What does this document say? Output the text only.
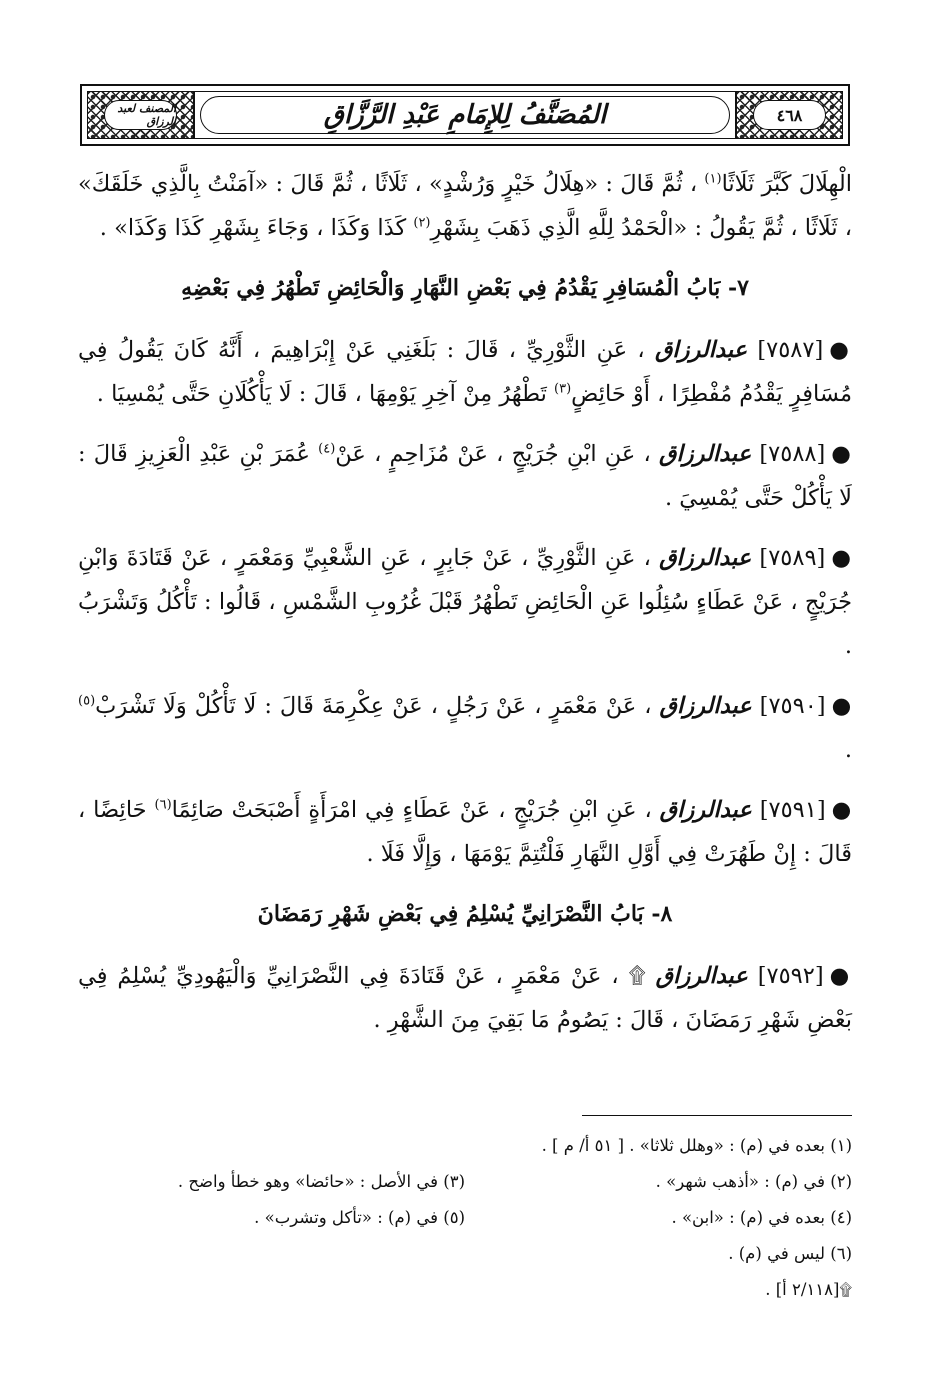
٤٦٨
المُصَنَّفُ لِلإِمَامِ عَبْدِ الرَّزَّاقِ
المصنف لعبد الرزاق

الْهِلَالَ كَبَّرَ ثَلَاثًا$^{(١)}$ ، ثُمَّ قَالَ : «هِلَالُ خَيْرٍ وَرُشْدٍ» ، ثَلَاثًا ، ثُمَّ قَالَ : «آمَنْتُ بِالَّذِي خَلَقَكَ» ، ثَلَاثًا ، ثُمَّ يَقُولُ : «الْحَمْدُ لِلَّهِ الَّذِي ذَهَبَ بِشَهْرِ$^{(٢)}$ كَذَا وَكَذَا ، وَجَاءَ بِشَهْرِ كَذَا وَكَذَا» .

٧- بَابُ الْمُسَافِرِ يَقْدُمُ فِي بَعْضِ النَّهَارِ وَالْحَائِضِ تَطْهُرُ فِي بَعْضِهِ

●[٧٥٨٧] عبدالرزاق ، عَنِ الثَّوْرِيِّ ، قَالَ : بَلَغَنِي عَنْ إِبْرَاهِيمَ ، أَنَّهُ كَانَ يَقُولُ فِي مُسَافِرٍ يَقْدُمُ مُفْطِرًا ، أَوْ حَائِضٍ$^{(٣)}$ تَطْهُرُ مِنْ آخِرِ يَوْمِهَا ، قَالَ : لَا يَأْكُلَانِ حَتَّى يُمْسِيَا .

●[٧٥٨٨] عبدالرزاق ، عَنِ ابْنِ جُرَيْجٍ ، عَنْ مُزَاحِمٍ ، عَنْ$^{(٤)}$ عُمَرَ بْنِ عَبْدِ الْعَزِيزِ قَالَ : لَا يَأْكُلْ حَتَّى يُمْسِيَ .

●[٧٥٨٩] عبدالرزاق ، عَنِ الثَّوْرِيِّ ، عَنْ جَابِرٍ ، عَنِ الشَّعْبِيِّ وَمَعْمَرٍ ، عَنْ قَتَادَةَ وَابْنِ جُرَيْجٍ ، عَنْ عَطَاءٍ سُئِلُوا عَنِ الْحَائِضِ تَطْهُرُ قَبْلَ غُرُوبِ الشَّمْسِ ، قَالُوا : تَأْكُلُ وَتَشْرَبُ .

●[٧٥٩٠] عبدالرزاق ، عَنْ مَعْمَرٍ ، عَنْ رَجُلٍ ، عَنْ عِكْرِمَةَ قَالَ : لَا تَأْكُلْ وَلَا تَشْرَبْ$^{(٥)}$ .

●[٧٥٩١] عبدالرزاق ، عَنِ ابْنِ جُرَيْجٍ ، عَنْ عَطَاءٍ فِي امْرَأَةٍ أَصْبَحَتْ صَائِمًا$^{(٦)}$ حَائِضًا ، قَالَ : إِنْ طَهُرَتْ فِي أَوَّلِ النَّهَارِ فَلْتُتِمَّ يَوْمَهَا ، وَإِلَّا فَلَا .

٨- بَابُ النَّصْرَانِيِّ يُسْلِمُ فِي بَعْضِ شَهْرِ رَمَضَانَ

●[٧٥٩٢] عبدالرزاق ۩ ، عَنْ مَعْمَرٍ ، عَنْ قَتَادَةَ فِي النَّصْرَانِيِّ وَالْيَهُودِيِّ يُسْلِمُ فِي بَعْضِ شَهْرِ رَمَضَانَ ، قَالَ : يَصُومُ مَا بَقِيَ مِنَ الشَّهْرِ .

(١) بعده في (م) : «وهلل ثلاثا» . [ ٥١ أ/ م ] .
(٢) في (م) : «أذهب شهر» .
(٣) في الأصل : «حائضا» وهو خطأ واضح .
(٤) بعده في (م) : «ابن» .
(٥) في (م) : «تأكل وتشرب» .
(٦) ليس في (م) .
۩[٢/١١٨ أ] .
